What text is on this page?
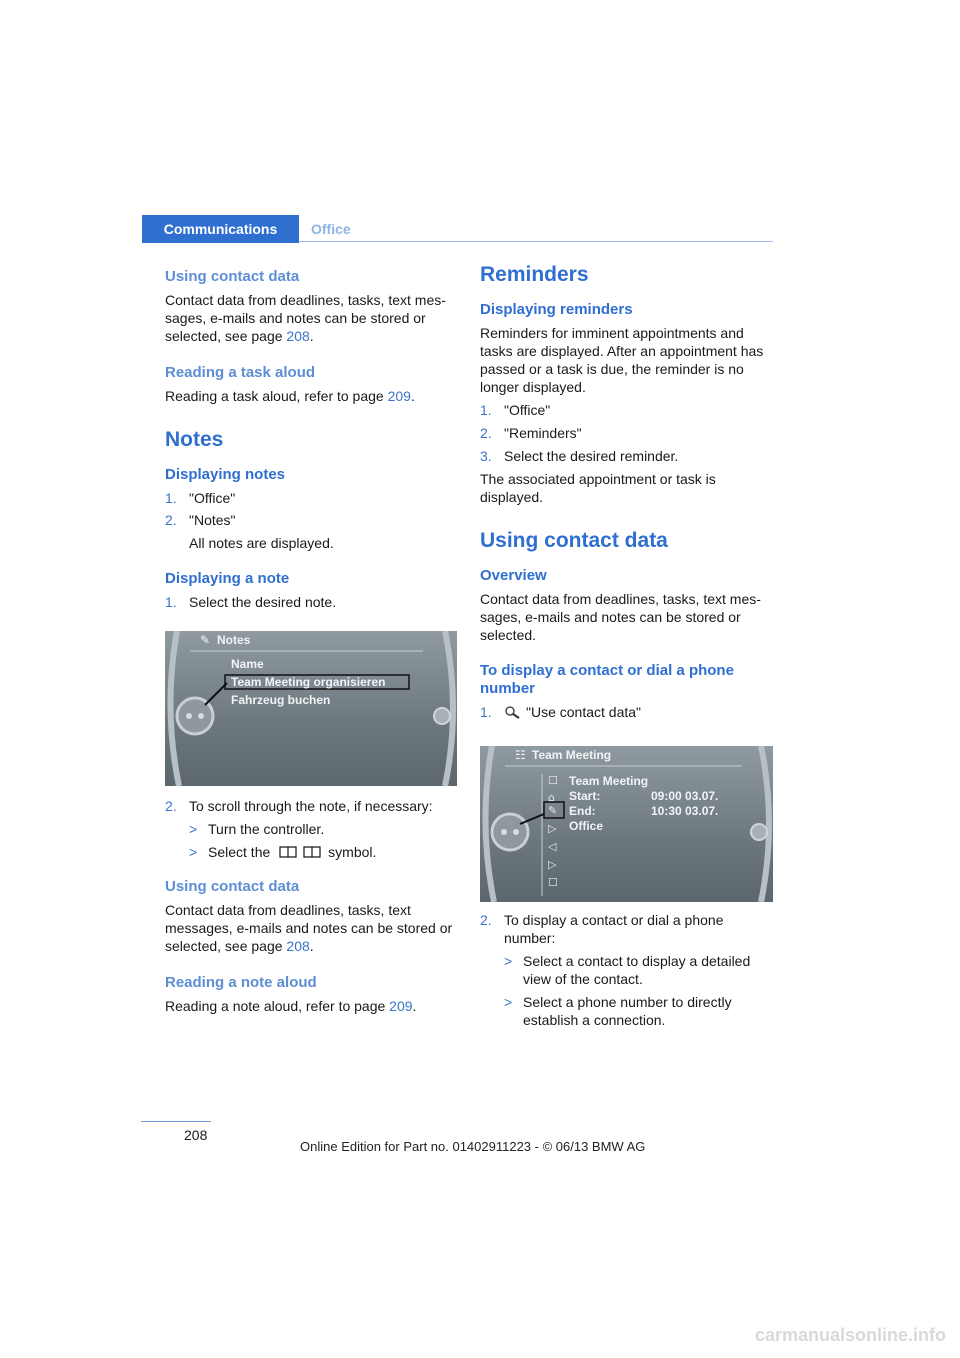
Communications	Office
Using contact data

Contact data from deadlines, tasks, text mes-sages, e-mails and notes can be stored or selected, see page 208.

Reading a task aloud

Reading a task aloud, refer to page 209.

Notes
Displaying notes
1. "Office"
2. "Notes"
All notes are displayed.
Displaying a note
1. Select the desired note.
✎ Notes
Name
Team Meeting organisieren
Fahrzeug buchen
2. To scroll through the note, if necessary:
> Turn the controller.
> Select the	symbol.
Using contact data

Contact data from deadlines, tasks, text messages, e-mails and notes can be stored or selected, see page 208.

Reading a note aloud

Reading a note aloud, refer to page 209.

Reminders
Displaying reminders

Reminders for imminent appointments and tasks are displayed. After an appointment has passed or a task is due, the reminder is no longer displayed.

1. "Office"
2. "Reminders"
3. Select the desired reminder.

The associated appointment or task is displayed.

Using contact data
Overview

Contact data from deadlines, tasks, text mes-sages, e-mails and notes can be stored or selected.

To display a contact or dial a phone number
1. "Use contact data"
☐
⌂
✎
▷
◁
▷
☐
☷ Team Meeting
Team Meeting
Start:	09:00 03.07.
End:	10:30 03.07.
Office
2. To display a contact or dial a phone number:
> Select a contact to display a detailed view of the contact.
> Select a phone number to directly establish a connection.
208
Online Edition for Part no. 01402911223 - © 06/13 BMW AG
carmanualsonline.info
